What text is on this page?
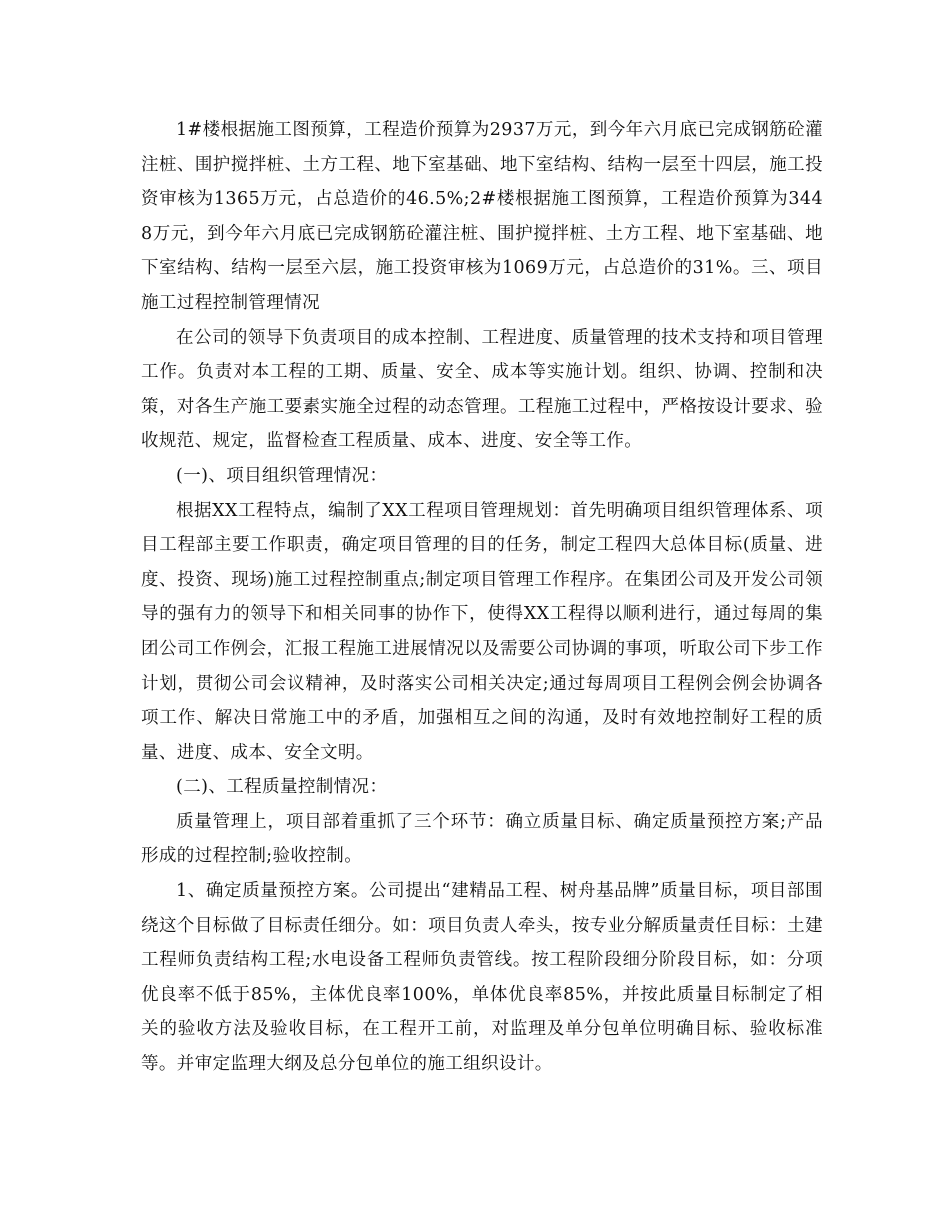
1#楼根据施工图预算，工程造价预算为2937万元，到今年六月底已完成钢筋砼灌注桩、围护搅拌桩、土方工程、地下室基础、地下室结构、结构一层至十四层，施工投资审核为1365万元，占总造价的46.5%;2#楼根据施工图预算，工程造价预算为3448万元，到今年六月底已完成钢筋砼灌注桩、围护搅拌桩、土方工程、地下室基础、地下室结构、结构一层至六层，施工投资审核为1069万元，占总造价的31%。三、项目施工过程控制管理情况

在公司的领导下负责项目的成本控制、工程进度、质量管理的技术支持和项目管理工作。负责对本工程的工期、质量、安全、成本等实施计划。组织、协调、控制和决策，对各生产施工要素实施全过程的动态管理。工程施工过程中，严格按设计要求、验收规范、规定，监督检查工程质量、成本、进度、安全等工作。

(一)、项目组织管理情况：

根据XX工程特点，编制了XX工程项目管理规划：首先明确项目组织管理体系、项目工程部主要工作职责，确定项目管理的目的任务，制定工程四大总体目标(质量、进度、投资、现场)施工过程控制重点;制定项目管理工作程序。在集团公司及开发公司领导的强有力的领导下和相关同事的协作下，使得XX工程得以顺利进行，通过每周的集团公司工作例会，汇报工程施工进展情况以及需要公司协调的事项，听取公司下步工作计划，贯彻公司会议精神，及时落实公司相关决定;通过每周项目工程例会例会协调各项工作、解决日常施工中的矛盾，加强相互之间的沟通，及时有效地控制好工程的质量、进度、成本、安全文明。

(二)、工程质量控制情况：

质量管理上，项目部着重抓了三个环节：确立质量目标、确定质量预控方案;产品形成的过程控制;验收控制。

1、确定质量预控方案。公司提出“建精品工程、树舟基品牌”质量目标，项目部围绕这个目标做了目标责任细分。如：项目负责人牵头，按专业分解质量责任目标：土建工程师负责结构工程;水电设备工程师负责管线。按工程阶段细分阶段目标，如：分项优良率不低于85%，主体优良率100%，单体优良率85%，并按此质量目标制定了相关的验收方法及验收目标，在工程开工前，对监理及单分包单位明确目标、验收标准等。并审定监理大纲及总分包单位的施工组织设计。
